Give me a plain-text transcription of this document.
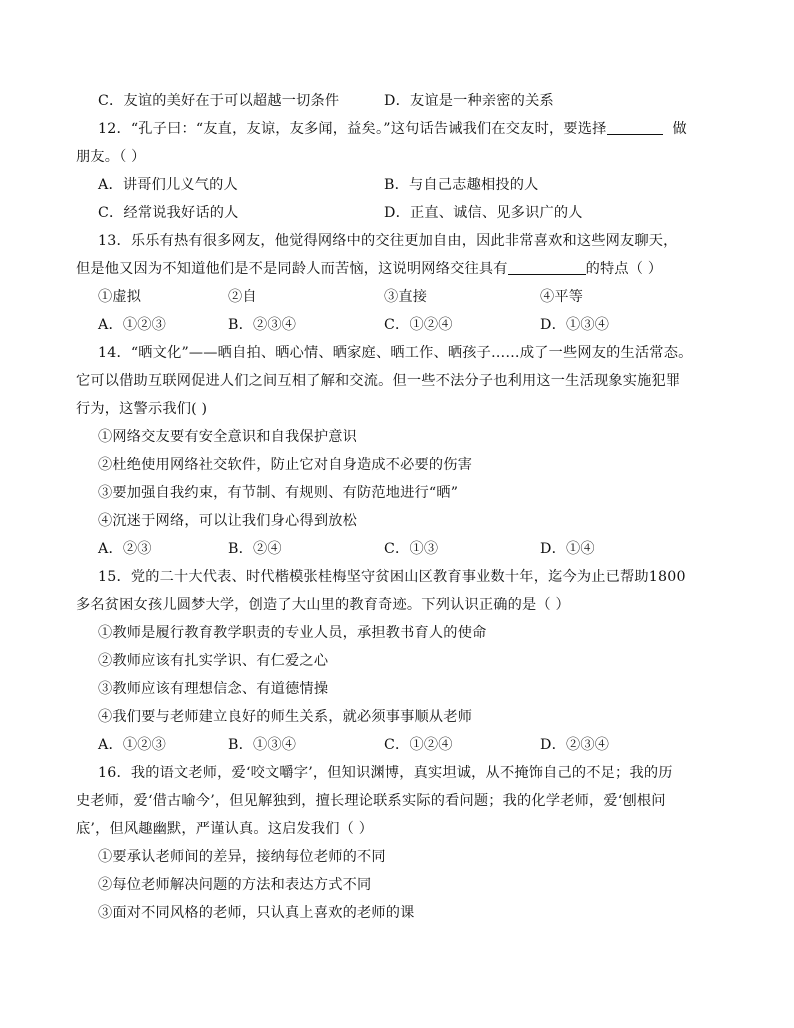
C．友谊的美好在于可以超越一切条件	D．友谊是一种亲密的关系
12．“孔子曰：“友直，友谅，友多闻，益矣。”这句话告诫我们在交友时，要选择	做
朋友。（ ）
A．讲哥们儿义气的人	B．与自己志趣相投的人
C．经常说我好话的人	D．正直、诚信、见多识广的人
13．乐乐有热有很多网友，他觉得网络中的交往更加自由，因此非常喜欢和这些网友聊天，
但是他又因为不知道他们是不是同龄人而苦恼，这说明网络交往具有	的特点（ ）
①虚拟	②自	③直接	④平等
A．①②③	B．②③④	C．①②④	D．①③④
14．“晒文化”——晒自拍、晒心情、晒家庭、晒工作、晒孩子……成了一些网友的生活常态。
它可以借助互联网促进人们之间互相了解和交流。但一些不法分子也利用这一生活现象实施犯罪
行为，这警示我们( )
①网络交友要有安全意识和自我保护意识
②杜绝使用网络社交软件，防止它对自身造成不必要的伤害
③要加强自我约束，有节制、有规则、有防范地进行“晒”
④沉迷于网络，可以让我们身心得到放松
A．②③	B．②④	C．①③	D．①④
15．党的二十大代表、时代楷模张桂梅坚守贫困山区教育事业数十年，迄今为止已帮助1800
多名贫困女孩儿圆梦大学，创造了大山里的教育奇迹。下列认识正确的是（ ）
①教师是履行教育教学职责的专业人员，承担教书育人的使命
②教师应该有扎实学识、有仁爱之心
③教师应该有理想信念、有道德情操
④我们要与老师建立良好的师生关系，就必须事事顺从老师
A．①②③	B．①③④	C．①②④	D．②③④
16．我的语文老师，爱‘咬文嚼字’，但知识渊博，真实坦诚，从不掩饰自己的不足；我的历
史老师，爱‘借古喻今’，但见解独到，擅长理论联系实际的看问题；我的化学老师，爱‘刨根问
底’，但风趣幽默，严谨认真。这启发我们（ ）
①要承认老师间的差异，接纳每位老师的不同
②每位老师解决问题的方法和表达方式不同
③面对不同风格的老师，只认真上喜欢的老师的课
